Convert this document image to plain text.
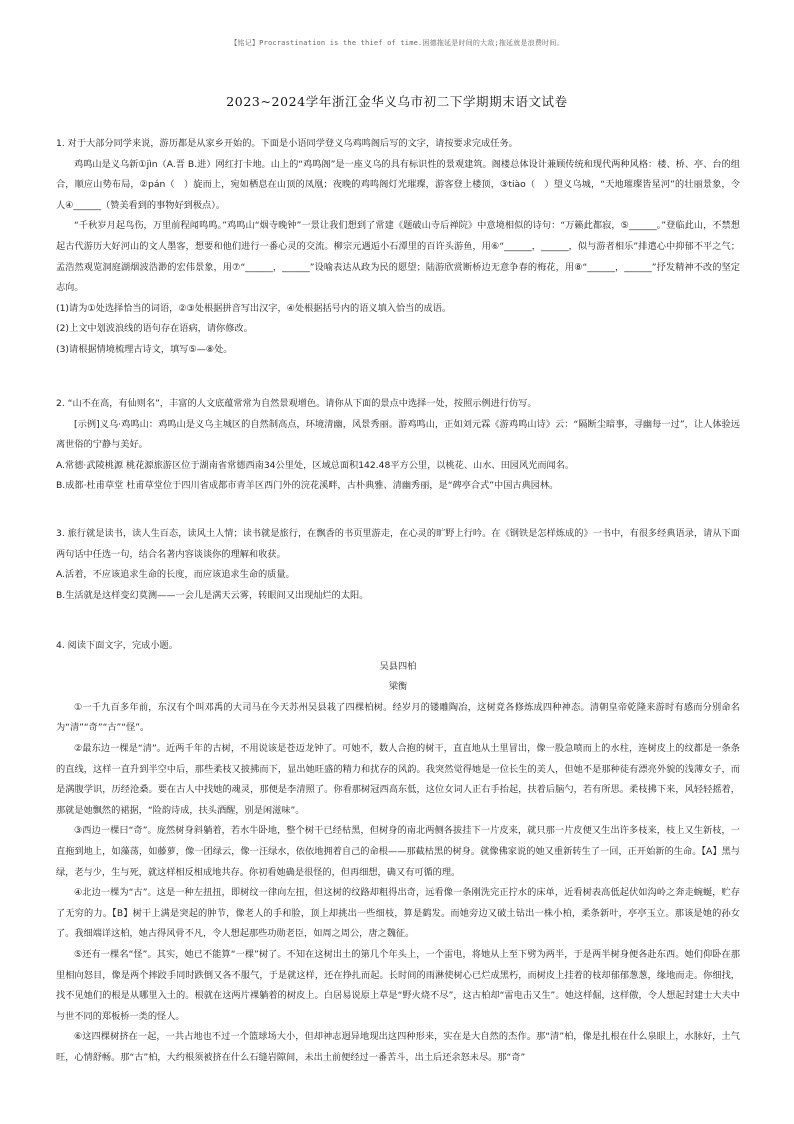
【铭记】Procrastination is the thief of time.困德拖延是时间的大敌;拖延就是浪费时间。
2023~2024学年浙江金华义乌市初二下学期期末语文试卷

1. 对于大部分同学来说，游历都是从家乡开始的。下面是小语同学登义乌鸡鸣阁后写的文字，请按要求完成任务。

鸡鸣山是义乌新①jìn（A.晋 B.进）网红打卡地。山上的“鸡鸣阁”是一座义乌的具有标识性的景观建筑。阁楼总体设计兼顾传统和现代两种风格：楼、桥、亭、台的组合，顺应山势布局，②pán（　）旋而上，宛如栖息在山顶的凤凰；夜晚的鸡鸣阁灯光璀璨，游客登上楼顶，③tiào（　）望义乌城，“天地璀璨皆星河”的壮丽景象，令人④______（赞美看到的事物好到极点）。

“千秋岁月起鸟伤，万里前程闻鸣鸣。”鸡鸣山“烟寺晚钟”一景让我们想到了常建《题破山寺后禅院》中意境相似的诗句：“万籁此都寂，⑤______。”登临此山，不禁想起古代游历大好河山的文人墨客，想要和他们进行一番心灵的交流。柳宗元遇逅小石潭里的百许头游鱼，用⑥“______，______，似与游者相乐”排遣心中抑郁不平之气；孟浩然观览洞庭湖烟波浩渺的宏伟景象，用⑦“______，______”设喻表达从政为民的愿望；陆游欣赏断桥边无意争春的梅花，用⑧“______，______”抒发精神不改的坚定志向。

(1)请为①处选择恰当的词语，②③处根据拼音写出汉字，④处根据括号内的语义填入恰当的成语。

(2)上文中划波浪线的语句存在语病，请你修改。

(3)请根据情境梳理古诗文，填写⑤—⑧处。

2. “山不在高，有仙则名”，丰富的人文底蕴常常为自然景观增色。请你从下面的景点中选择一处，按照示例进行仿写。

[示例]义乌·鸡鸣山：鸡鸣山是义乌主城区的自然制高点，环境清幽，风景秀丽。游鸡鸣山，正如刘元霖《游鸡鸣山诗》云：“隔断尘暗事，寻幽每一过”，让人体验远离世俗的宁静与美好。

A.常德·武陵桃源 桃花源旅游区位于湖南省常德西南34公里处，区域总面积142.48平方公里，以桃花、山水、田园风光而闻名。

B.成都·杜甫草堂 杜甫草堂位于四川省成都市青羊区西门外的浣花溪畔，古朴典雅、清幽秀丽，是“碑亭合式”中国古典园林。

3. 旅行就是读书，读人生百态，读风土人情；读书就是旅行，在飘香的书页里游走，在心灵的旷野上行吟。在《钢铁是怎样炼成的》一书中，有很多经典语录，请从下面两句话中任选一句，结合名著内容谈谈你的理解和收获。

A.活着，不应该追求生命的长度，而应该追求生命的质量。

B.生活就是这样变幻莫测——一会儿是满天云雾，转眼间又出现灿烂的太阳。

4. 阅读下面文字，完成小题。

吴县四柏

梁衡

①一千九百多年前，东汉有个叫邓禹的大司马在今天苏州吴县栽了四棵柏树。经岁月的镂雕陶冶，这树竟各修炼成四种神态。清朝皇帝乾隆来游时有感而分别命名为“清”“奇”“古”“怪”。

②最东边一棵是“清”。近两千年的古树，不用说该是苍迈龙钟了。可她不，数人合抱的树干，直直地从土里冒出，像一股急喷而上的水柱，连树皮上的纹都是一条条的直线，这样一直升到半空中后，那些柔枝又披拂而下，显出她旺盛的精力和扰存的风韵。我突然觉得她是一位长生的美人，但她不是那种徒有漂亮外貌的浅薄女子，而是满腹学识，历经沧桑。要在古人中找她的魂灵，那便是李清照了。你看那树冠西高东低，这位女词人正右手抬起，扶着后脑勺，若有所思。柔枝拂下来，风轻轻摇着，那就是她飘然的裙据，“险韵诗成，扶头酒醒，别是闲滋味”。

③西边一棵曰“奇”。庞然树身斜躺着，若水牛卧地，整个树干已经枯黑，但树身的南北两侧各拔挂下一片皮来，就只那一片皮便又生出许多枝来，枝上又生新枝，一直拖到地上，如藻荡，如藤萝，像一团绿云，像一汪绿水，依依地拥着自己的命根——那截枯黑的树身。就像佛家说的她又重新转生了一回，正开始新的生命。【A】黑与绿，老与少，生与死，就这样相反相成地共存。你初看她确是很怪的，但再细想，确又有可循的理。

④北边一棵为“古”。这是一种左扭扭，即树纹一律向左扭，但这树的纹路却粗得出奇，远看像一条刚洗完正拧水的床单，近看树表高低起伏如沟岭之奔走蜿蜒，贮存了无穷的力。【B】树干上满是突起的肿节，像老人的手和脸，顶上却挑出一些细枝，算是鹤发。而她旁边又破土钻出一株小柏，柔条新叶，亭亭玉立。那该是她的孙女了。我细端详这柏，她古得风骨不凡，令人想起那些功勋老臣，如周之周公，唐之魏征。

⑤还有一棵名“怪”。其实，她已不能算“一棵”树了。不知在这树出土的第几个年头上，一个雷电，将她从上至下劈为两半，于是两半树身便各赴东西。她们仰卧在那里相向怒目，像是两个摔跤手同时跌倒又各不服气，于是就这样，还在挣扎而起。长时间的雨淋使树心已烂成黑朽，而树皮上挂着的枝却郁郁葱葱，缘地而走。你细找，找不见她们的根是从哪里入土的。根就在这两片裸躺着的树皮上。白居易说原上草是“野火烧不尽”，这古柏却“雷电击又生”。她这样倔，这样傲，令人想起封建士大夫中与世不同的郑板桥一类的怪人。

⑥这四棵树挤在一起，一共占地也不过一个篮球场大小，但却神志迥异地现出这四种形来，实在是大自然的杰作。那“清”柏，像是扎根在什么泉眼上，水脉好，土气旺，心情舒畅。那“古”柏，大约根须被挤在什么石缝岩隙间，未出土前便经过一番苦斗，出土后还余怒未尽。那“奇”
